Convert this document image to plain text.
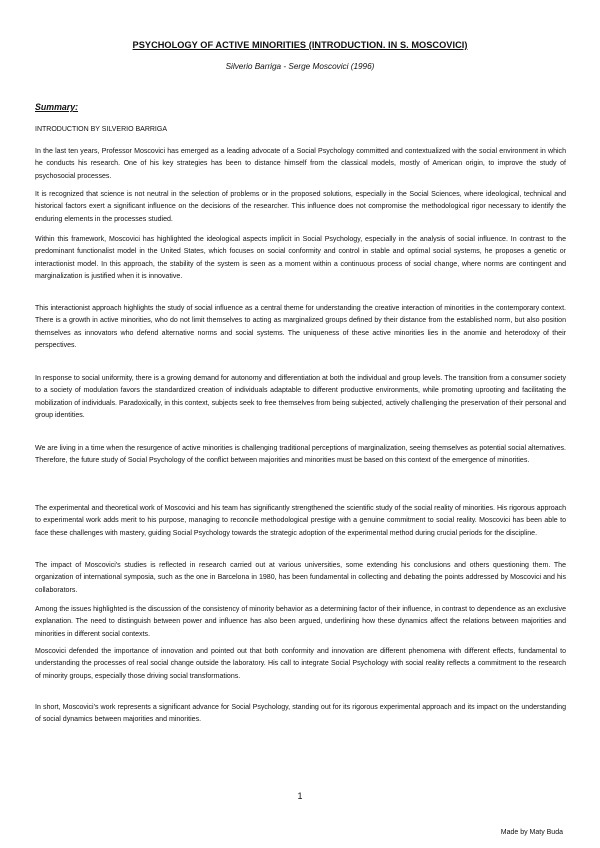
PSYCHOLOGY OF ACTIVE MINORITIES (INTRODUCTION. IN S. MOSCOVICI)
Silverio Barriga - Serge Moscovici (1996)
Summary:
INTRODUCTION BY SILVERIO BARRIGA

In the last ten years, Professor Moscovici has emerged as a leading advocate of a Social Psychology committed and contextualized with the social environment in which he conducts his research. One of his key strategies has been to distance himself from the classical models, mostly of American origin, to improve the study of psychosocial processes.

It is recognized that science is not neutral in the selection of problems or in the proposed solutions, especially in the Social Sciences, where ideological, technical and historical factors exert a significant influence on the decisions of the researcher. This influence does not compromise the methodological rigor necessary to identify the enduring elements in the processes studied.

Within this framework, Moscovici has highlighted the ideological aspects implicit in Social Psychology, especially in the analysis of social influence. In contrast to the predominant functionalist model in the United States, which focuses on social conformity and control in stable and optimal social systems, he proposes a genetic or interactionist model. In this approach, the stability of the system is seen as a moment within a continuous process of social change, where norms are contingent and marginalization is justified when it is innovative.

This interactionist approach highlights the study of social influence as a central theme for understanding the creative interaction of minorities in the contemporary context. There is a growth in active minorities, who do not limit themselves to acting as marginalized groups defined by their distance from the established norm, but also position themselves as innovators who defend alternative norms and social systems. The uniqueness of these active minorities lies in the anomie and heterodoxy of their perspectives.

In response to social uniformity, there is a growing demand for autonomy and differentiation at both the individual and group levels. The transition from a consumer society to a society of modulation favors the standardized creation of individuals adaptable to different productive environments, while promoting uprooting and facilitating the mobilization of individuals. Paradoxically, in this context, subjects seek to free themselves from being subjected, actively challenging the preservation of their personal and group identities.

We are living in a time when the resurgence of active minorities is challenging traditional perceptions of marginalization, seeing themselves as potential social alternatives. Therefore, the future study of Social Psychology of the conflict between majorities and minorities must be based on this context of the emergence of minorities.

The experimental and theoretical work of Moscovici and his team has significantly strengthened the scientific study of the social reality of minorities. His rigorous approach to experimental work adds merit to his purpose, managing to reconcile methodological prestige with a genuine commitment to social reality. Moscovici has been able to face these challenges with mastery, guiding Social Psychology towards the strategic adoption of the experimental method during crucial periods for the discipline.

The impact of Moscovici's studies is reflected in research carried out at various universities, some extending his conclusions and others questioning them. The organization of international symposia, such as the one in Barcelona in 1980, has been fundamental in collecting and debating the points addressed by Moscovici and his collaborators.

Among the issues highlighted is the discussion of the consistency of minority behavior as a determining factor of their influence, in contrast to dependence as an exclusive explanation. The need to distinguish between power and influence has also been argued, underlining how these dynamics affect the relations between majorities and minorities in different social contexts.

Moscovici defended the importance of innovation and pointed out that both conformity and innovation are different phenomena with different effects, fundamental to understanding the processes of real social change outside the laboratory. His call to integrate Social Psychology with social reality reflects a commitment to the research of minority groups, especially those driving social transformations.

In short, Moscovici's work represents a significant advance for Social Psychology, standing out for its rigorous experimental approach and its impact on the understanding of social dynamics between majorities and minorities.

1
Made by Maty Buda
